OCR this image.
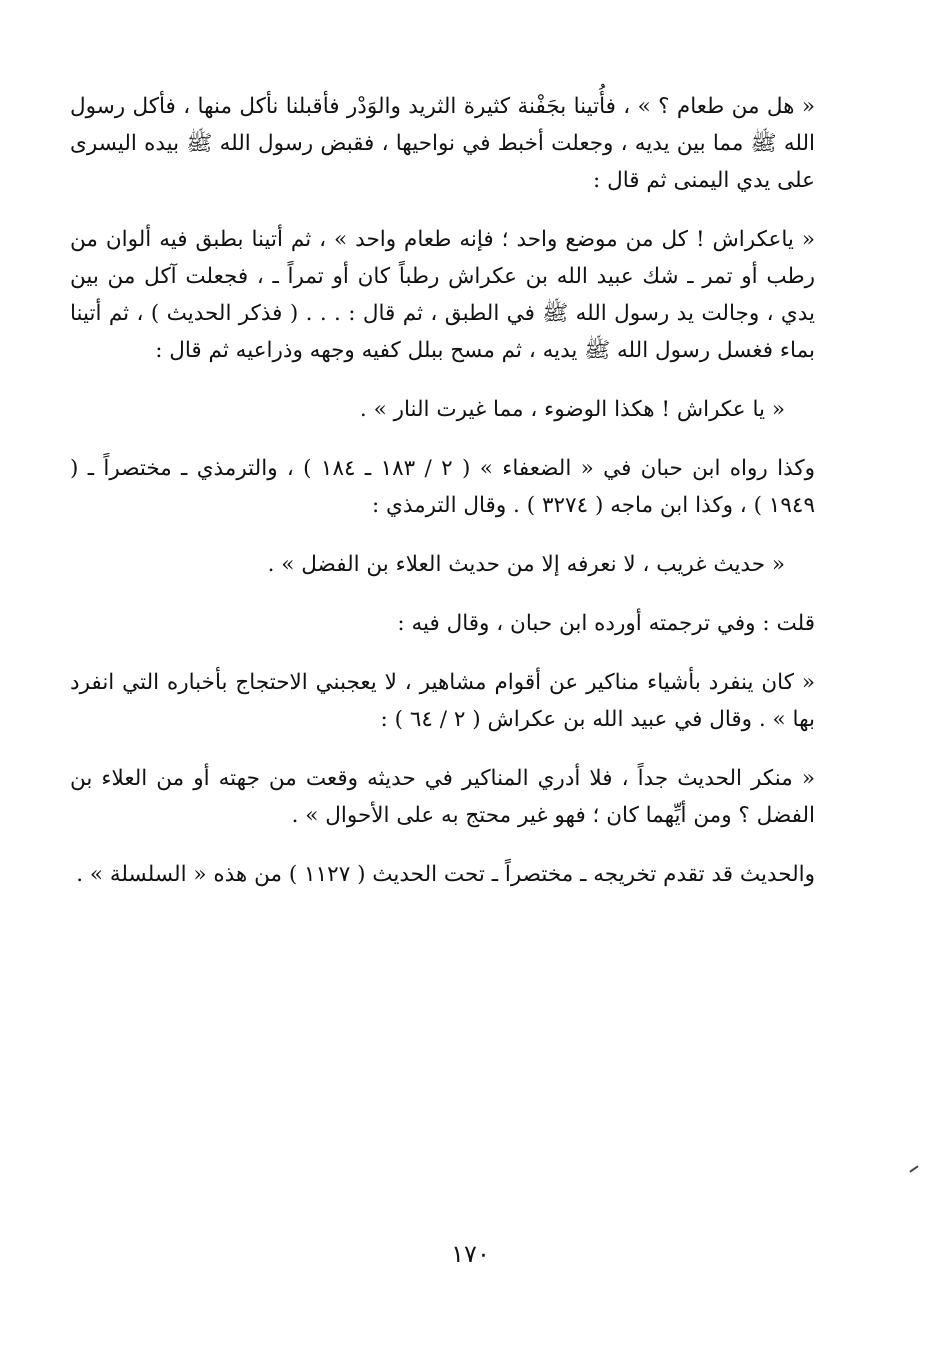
« هل من طعام ؟ » ، فأُتينا بجَفْنة كثيرة الثريد والوَدْر فأقبلنا نأكل منها ، فأكل رسول الله ﷺ مما بين يديه ، وجعلت أخبط في نواحيها ، فقبض رسول الله ﷺ بيده اليسرى على يدي اليمنى ثم قال :

« ياعكراش ! كل من موضع واحد ؛ فإنه طعام واحد » ، ثم أتينا بطبق فيه ألوان من رطب أو تمر ـ شك عبيد الله بن عكراش رطباً كان أو تمراً ـ ، فجعلت آكل من بين يدي ، وجالت يد رسول الله ﷺ في الطبق ، ثم قال : . . . ( فذكر الحديث ) ، ثم أتينا بماء فغسل رسول الله ﷺ يديه ، ثم مسح ببلل كفيه وجهه وذراعيه ثم قال :

« يا عكراش ! هكذا الوضوء ، مما غيرت النار » .

وكذا رواه ابن حبان في « الضعفاء » ( ٢ / ١٨٣ ـ ١٨٤ ) ، والترمذي ـ مختصراً ـ ( ١٩٤٩ ) ، وكذا ابن ماجه ( ٣٢٧٤ ) . وقال الترمذي :

« حديث غريب ، لا نعرفه إلا من حديث العلاء بن الفضل » .

قلت : وفي ترجمته أورده ابن حبان ، وقال فيه :

« كان ينفرد بأشياء مناكير عن أقوام مشاهير ، لا يعجبني الاحتجاج بأخباره التي انفرد بها » . وقال في عبيد الله بن عكراش ( ٢ / ٦٤ ) :

« منكر الحديث جداً ، فلا أدري المناكير في حديثه وقعت من جهته أو من العلاء بن الفضل ؟ ومن أيِّهما كان ؛ فهو غير محتج به على الأحوال » .

والحديث قد تقدم تخريجه ـ مختصراً ـ تحت الحديث ( ١١٢٧ ) من هذه « السلسلة » .

١٧٠
